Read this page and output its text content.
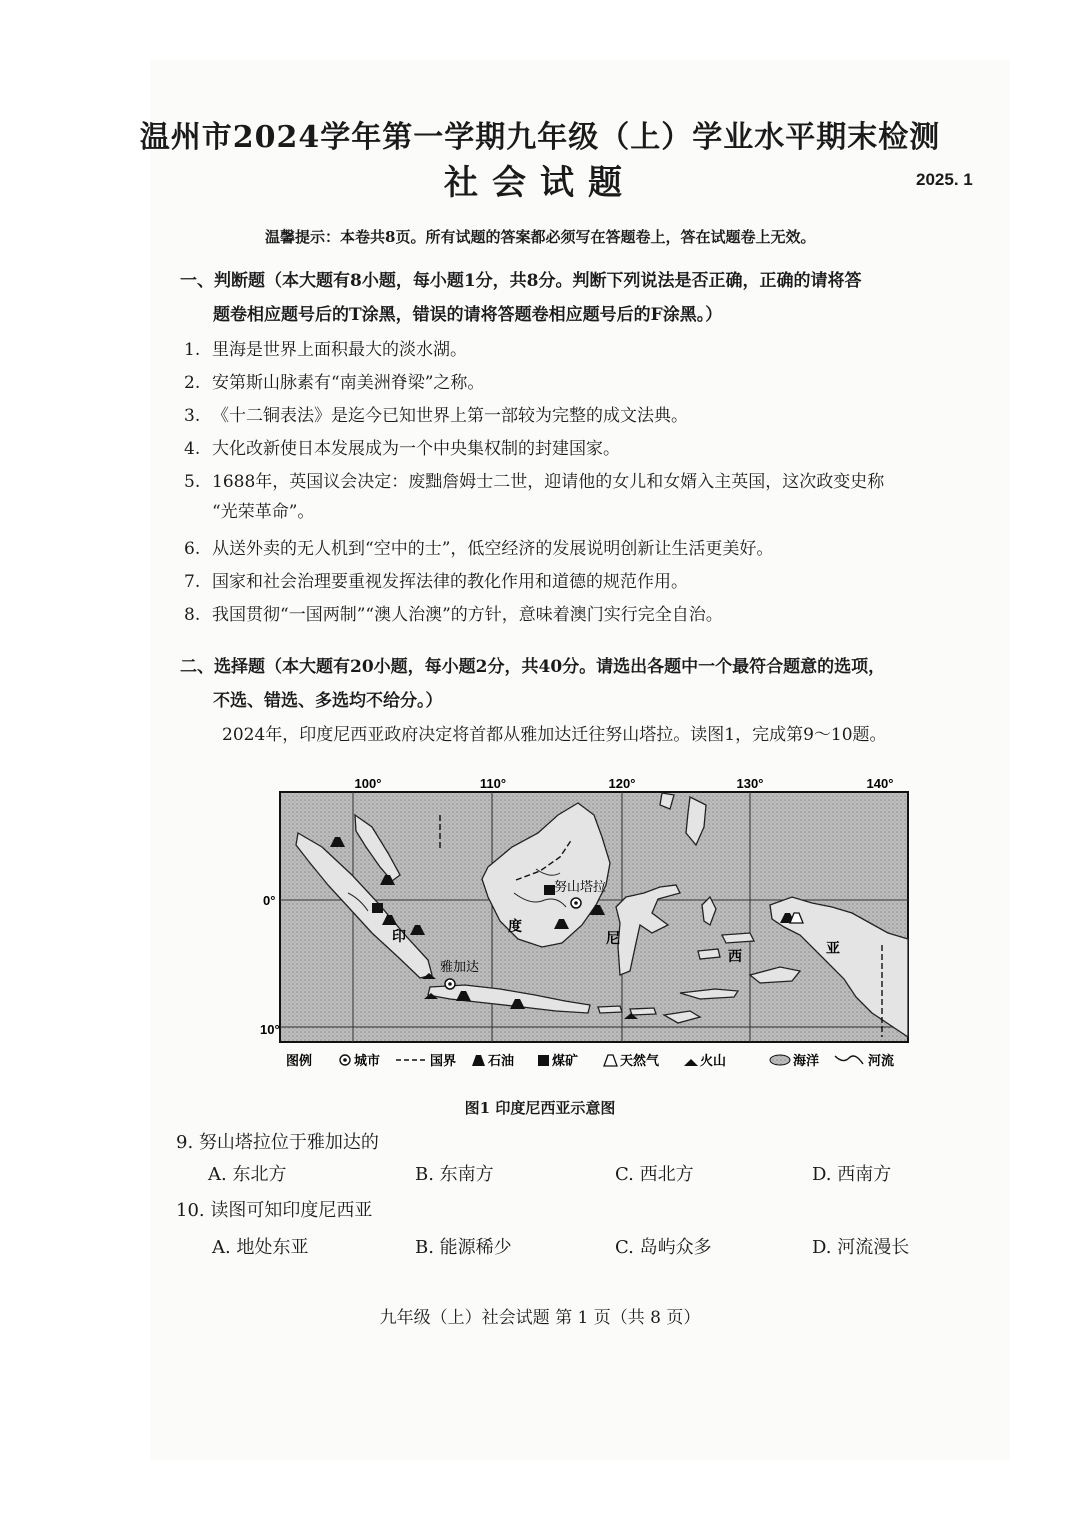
温州市2024学年第一学期九年级（上）学业水平期末检测
社会试题	2025. 1
温馨提示：本卷共8页。所有试题的答案都必须写在答题卷上，答在试题卷上无效。
一、判断题（本大题有8小题，每小题1分，共8分。判断下列说法是否正确，正确的请将答
题卷相应题号后的T涂黑，错误的请将答题卷相应题号后的F涂黑。）
1. 里海是世界上面积最大的淡水湖。
2. 安第斯山脉素有“南美洲脊梁”之称。
3. 《十二铜表法》是迄今已知世界上第一部较为完整的成文法典。
4. 大化改新使日本发展成为一个中央集权制的封建国家。
5. 1688年，英国议会决定：废黜詹姆士二世，迎请他的女儿和女婿入主英国，这次政变史称
“光荣革命”。
6. 从送外卖的无人机到“空中的士”，低空经济的发展说明创新让生活更美好。
7. 国家和社会治理要重视发挥法律的教化作用和道德的规范作用。
8. 我国贯彻“一国两制”“澳人治澳”的方针，意味着澳门实行完全自治。
二、选择题（本大题有20小题，每小题2分，共40分。请选出各题中一个最符合题意的选项，
不选、错选、多选均不给分。）
2024年，印度尼西亚政府决定将首都从雅加达迁往努山塔拉。读图1，完成第9～10题。
100°	110°	120°	130°	140°
0°
10°
努山塔拉
雅加达
印
度
尼
西	亚
图例	城市	国界 石油	煤矿	天然气	火山	海洋	河流
图1 印度尼西亚示意图
9. 努山塔拉位于雅加达的
A. 东北方	B. 东南方	C. 西北方	D. 西南方
10. 读图可知印度尼西亚
A. 地处东亚	B. 能源稀少	C. 岛屿众多	D. 河流漫长
九年级（上）社会试题 第 1 页（共 8 页）
